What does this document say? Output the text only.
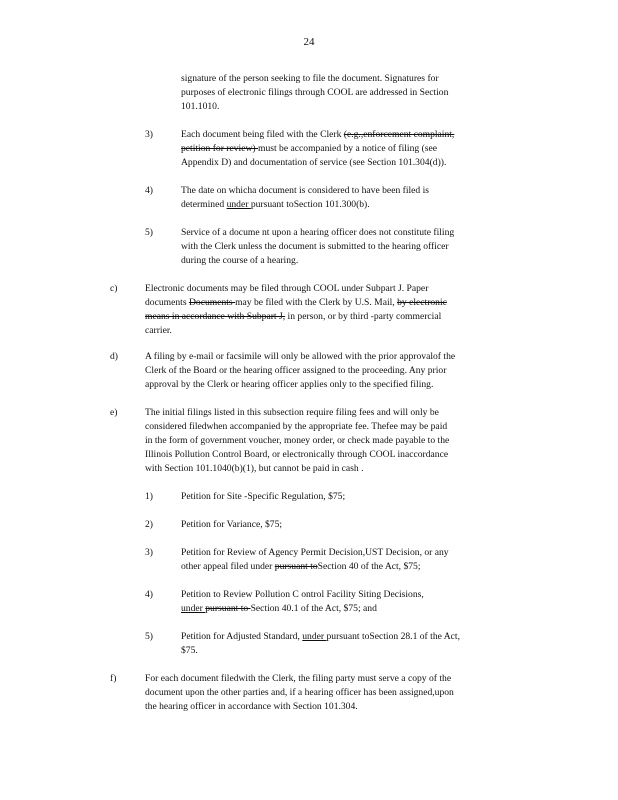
24
signature of the person seeking to file the document. Signatures for
purposes of electronic filings through COOL are addressed in Section
101.1010.
3)	Each document being filed with the Clerk (e.g.,enforcement complaint,
petition for review) must be accompanied by a notice of filing (see
Appendix D) and documentation of service (see Section 101.304(d)).
4)	The date on whicha document is considered to have been filed is
determined under pursuant toSection 101.300(b).
5)	Service of a docume nt upon a hearing officer does not constitute filing
with the Clerk unless the document is submitted to the hearing officer
during the course of a hearing.
c)	Electronic documents may be filed through COOL under Subpart J. Paper
documents Documents may be filed with the Clerk by U.S. Mail, by electronic
means in accordance with Subpart J, in person, or by third -party commercial
carrier.
d)	A filing by e-mail or facsimile will only be allowed with the prior approvalof the
Clerk of the Board or the hearing officer assigned to the proceeding. Any prior
approval by the Clerk or hearing officer applies only to the specified filing.
e)	The initial filings listed in this subsection require filing fees and will only be
considered filedwhen accompanied by the appropriate fee. Thefee may be paid
in the form of government voucher, money order, or check made payable to the
Illinois Pollution Control Board, or electronically through COOL inaccordance
with Section 101.1040(b)(1), but cannot be paid in cash .
1)	Petition for Site -Specific Regulation, $75;
2)	Petition for Variance, $75;
3)	Petition for Review of Agency Permit Decision,UST Decision, or any
other appeal filed under pursuant toSection 40 of the Act, $75;
4)	Petition to Review Pollution C ontrol Facility Siting Decisions,
under pursuant to Section 40.1 of the Act, $75; and
5)	Petition for Adjusted Standard, under pursuant toSection 28.1 of the Act,
$75.
f)	For each document filedwith the Clerk, the filing party must serve a copy of the
document upon the other parties and, if a hearing officer has been assigned,upon
the hearing officer in accordance with Section 101.304.
